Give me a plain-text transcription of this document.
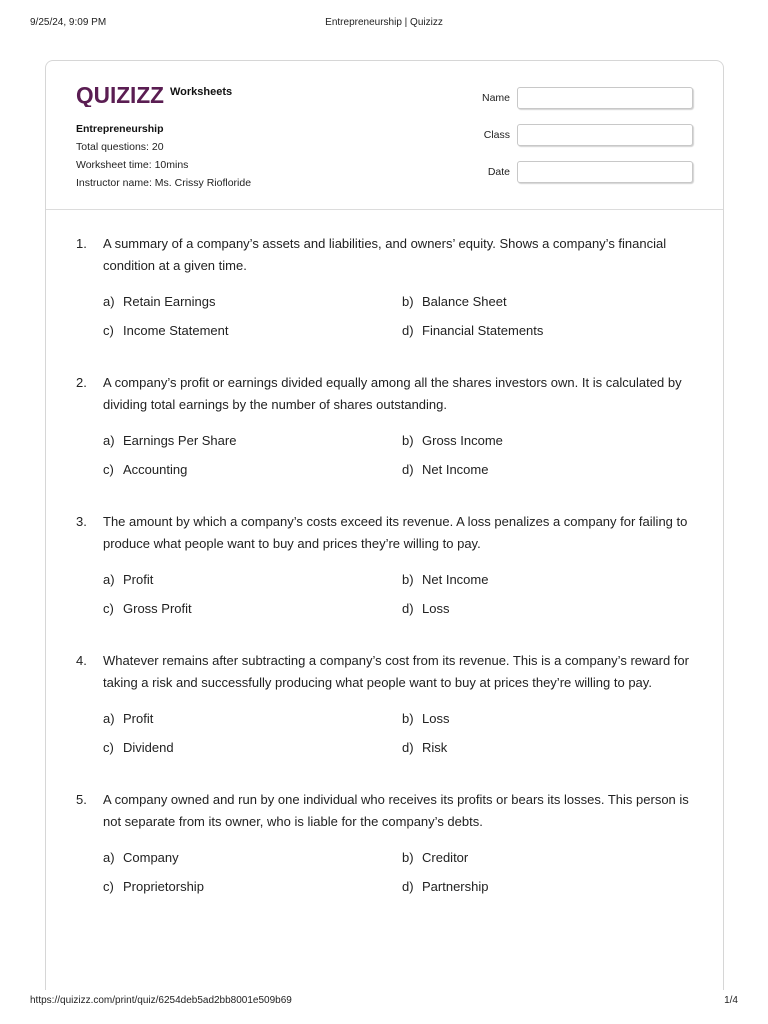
9/25/24, 9:09 PM	Entrepreneurship | Quizizz
QUIZIZZ Worksheets
Entrepreneurship
Total questions: 20
Worksheet time: 10mins
Instructor name: Ms. Crissy Riofloride
Name
Class
Date
1. A summary of a company’s assets and liabilities, and owners’ equity. Shows a company’s financial condition at a given time.
a) Retain Earnings	b) Balance Sheet
c) Income Statement	d) Financial Statements
2. A company’s profit or earnings divided equally among all the shares investors own. It is calculated by dividing total earnings by the number of shares outstanding.
a) Earnings Per Share	b) Gross Income
c) Accounting	d) Net Income
3. The amount by which a company’s costs exceed its revenue. A loss penalizes a company for failing to produce what people want to buy and prices they’re willing to pay.
a) Profit	b) Net Income
c) Gross Profit	d) Loss
4. Whatever remains after subtracting a company’s cost from its revenue. This is a company’s reward for taking a risk and successfully producing what people want to buy at prices they’re willing to pay.
a) Profit	b) Loss
c) Dividend	d) Risk
5. A company owned and run by one individual who receives its profits or bears its losses. This person is not separate from its owner, who is liable for the company’s debts.
a) Company	b) Creditor
c) Proprietorship	d) Partnership
https://quizizz.com/print/quiz/6254deb5ad2bb8001e509b69	1/4
